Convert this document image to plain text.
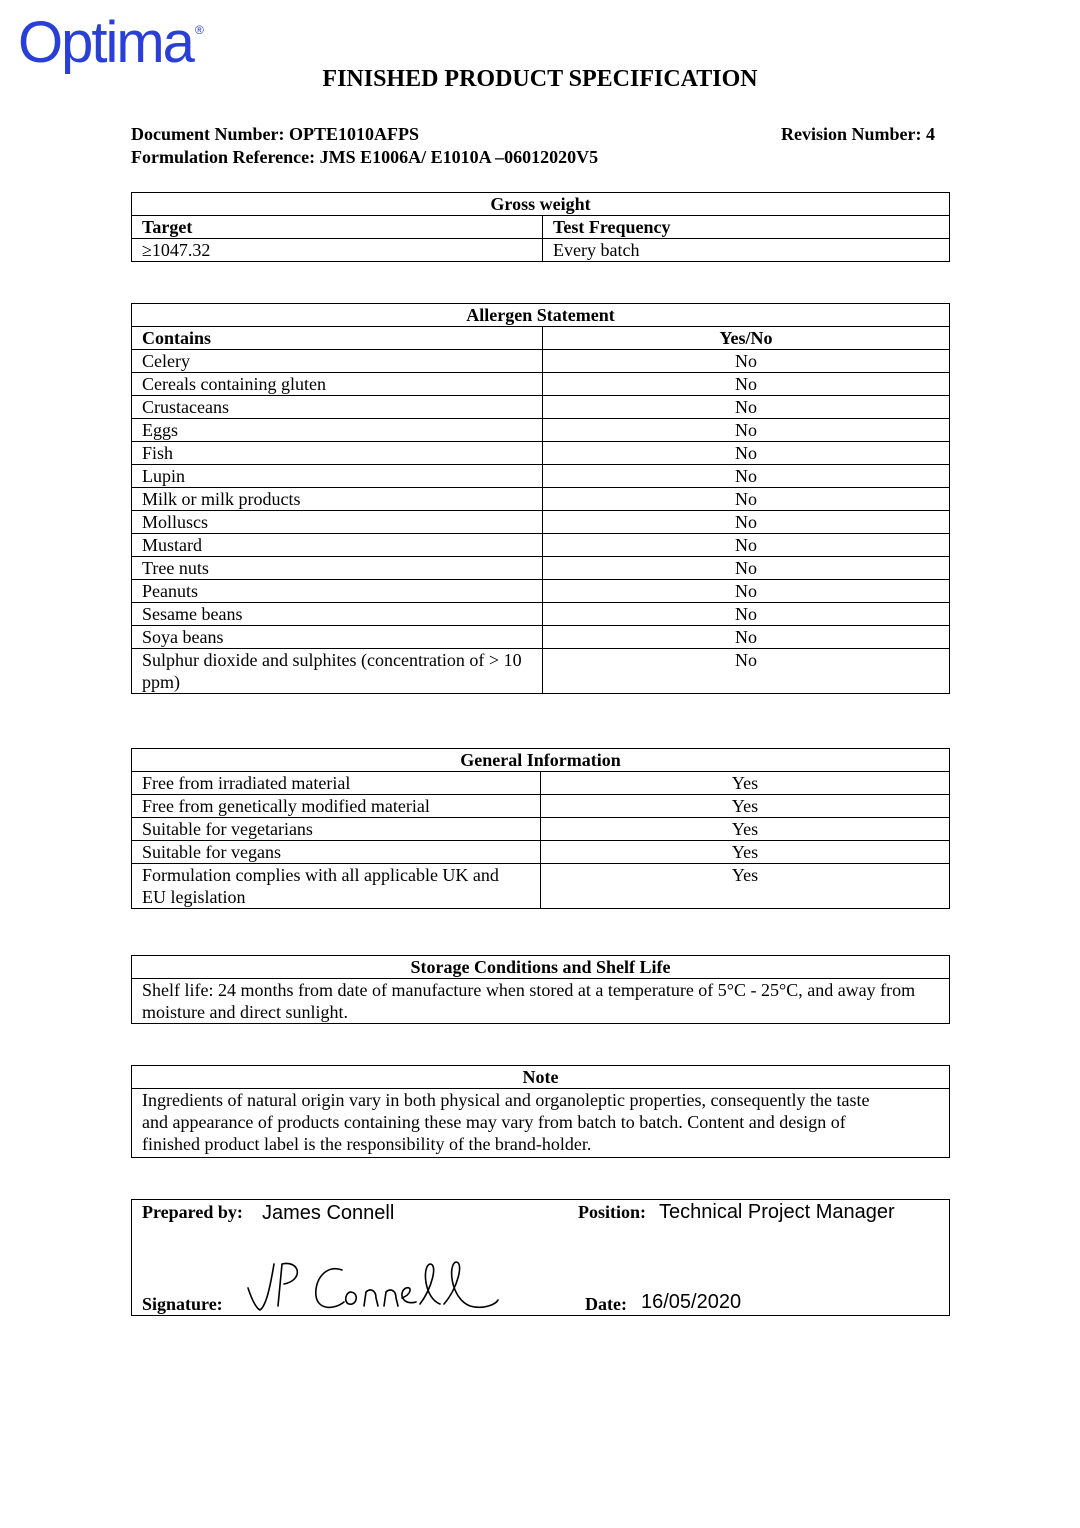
Optima ®
FINISHED PRODUCT SPECIFICATION
Document Number: OPTE1010AFPS	Revision Number: 4
Formulation Reference: JMS E1006A/ E1010A –06012020V5
Gross weight	
Target	Test Frequency
≥1047.32	Every batch
Allergen Statement	
Contains	Yes/No
Celery	No
Cereals containing gluten	No
Crustaceans	No
Eggs	No
Fish	No
Lupin	No
Milk or milk products	No
Molluscs	No
Mustard	No
Tree nuts	No
Peanuts	No
Sesame beans	No
Soya beans	No
Sulphur dioxide and sulphites (concentration of > 10 ppm)	No
General Information	
Free from irradiated material	Yes
Free from genetically modified material	Yes
Suitable for vegetarians	Yes
Suitable for vegans	Yes
Formulation complies with all applicable UK and EU legislation	Yes
Storage Conditions and Shelf Life
Shelf life: 24 months from date of manufacture when stored at a temperature of 5°C - 25°C, and away from moisture and direct sunlight.
Note
Ingredients of natural origin vary in both physical and organoleptic properties, consequently the taste and appearance of products containing these may vary from batch to batch. Content and design of finished product label is the responsibility of the brand-holder.
Prepared by: James Connell	Position: Technical Project Manager
Signature:	Date: 16/05/2020
